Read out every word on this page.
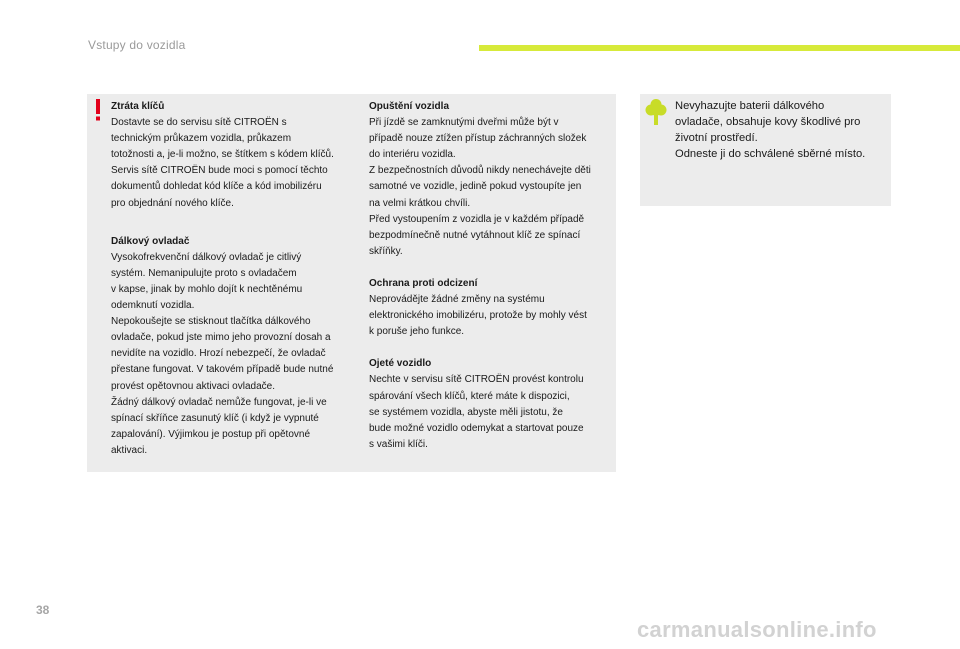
Vstupy do vozidla
Ztráta klíčů
Dostavte se do servisu sítě CITROËN s
technickým průkazem vozidla, průkazem
totožnosti a, je-li možno, se štítkem s kódem klíčů.
Servis sítě CITROËN bude moci s pomocí těchto
dokumentů dohledat kód klíče a kód imobilizéru
pro objednání nového klíče.
Dálkový ovladač
Vysokofrekvenční dálkový ovladač je citlivý
systém. Nemanipulujte proto s ovladačem
v kapse, jinak by mohlo dojít k nechtěnému
odemknutí vozidla.
Nepokoušejte se stisknout tlačítka dálkového
ovladače, pokud jste mimo jeho provozní dosah a
nevidíte na vozidlo. Hrozí nebezpečí, že ovladač
přestane fungovat. V takovém případě bude nutné
provést opětovnou aktivaci ovladače.
Žádný dálkový ovladač nemůže fungovat, je-li ve
spínací skříňce zasunutý klíč (i když je vypnuté
zapalování). Výjimkou je postup při opětovné
aktivaci.
Opuštění vozidla
Při jízdě se zamknutými dveřmi může být v
případě nouze ztížen přístup záchranných složek
do interiéru vozidla.
Z bezpečnostních důvodů nikdy nenechávejte děti
samotné ve vozidle, jedině pokud vystoupíte jen
na velmi krátkou chvíli.
Před vystoupením z vozidla je v každém případě
bezpodmínečně nutné vytáhnout klíč ze spínací
skříňky.
Ochrana proti odcizení
Neprovádějte žádné změny na systému
elektronického imobilizéru, protože by mohly vést
k poruše jeho funkce.
Ojeté vozidlo
Nechte v servisu sítě CITROËN provést kontrolu
spárování všech klíčů, které máte k dispozici,
se systémem vozidla, abyste měli jistotu, že
bude možné vozidlo odemykat a startovat pouze
s vašimi klíči.
Nevyhazujte baterii dálkového
ovladače, obsahuje kovy škodlivé pro
životní prostředí.
Odneste ji do schválené sběrné místo.
38
carmanualsonline.info
